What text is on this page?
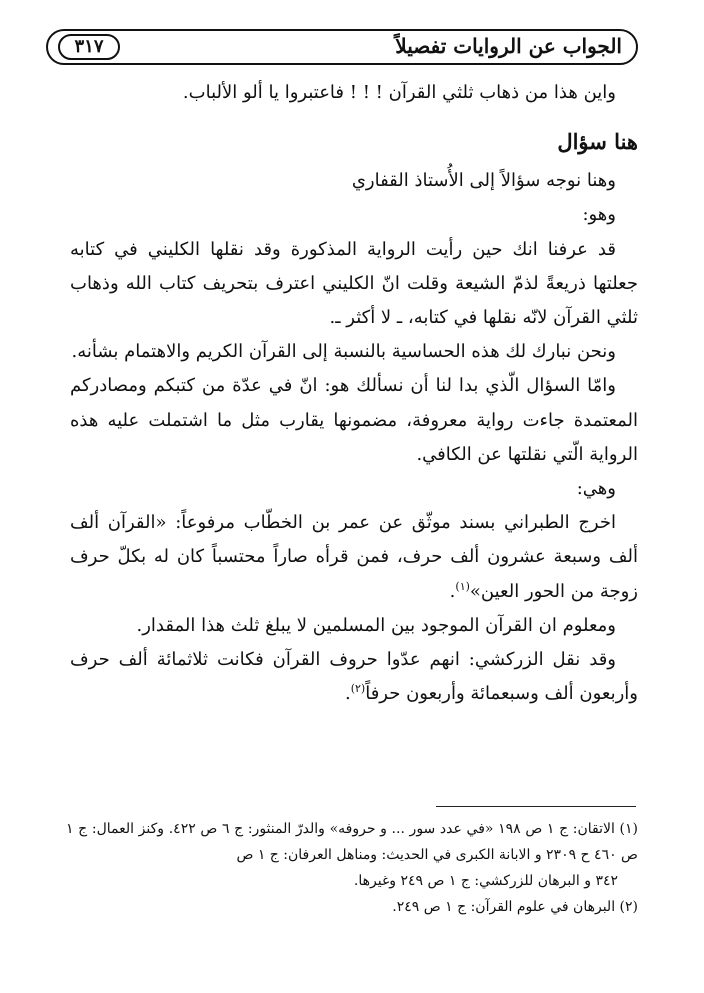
الجواب عن الروايات تفصيلاً
٣١٧

واين هذا من ذهاب ثلثي القرآن ! ! ! فاعتبروا يا ألو الألباب.

هنا سؤال

وهنا نوجه سؤالاً إلى الأُستاذ القفاري

وهو:

قد عرفنا انك حين رأيت الرواية المذكورة وقد نقلها الكليني في كتابه جعلتها ذريعةً لذمّ الشيعة وقلت انّ الكليني اعترف بتحريف كتاب الله وذهاب ثلثي القرآن لانّه نقلها في كتابه، ـ لا أكثر ـ.

ونحن نبارك لك هذه الحساسية بالنسبة إلى القرآن الكريم والاهتمام بشأنه.

وامّا السؤال الّذي بدا لنا أن نسألك هو: انّ في عدّة من كتبكم ومصادركم المعتمدة جاءت رواية معروفة، مضمونها يقارب مثل ما اشتملت عليه هذه الرواية الّتي نقلتها عن الكافي.

وهي:

اخرج الطبراني بسند موثّق عن عمر بن الخطّاب مرفوعاً: «القرآن ألف ألف وسبعة عشرون ألف حرف، فمن قرأه صاراً محتسباً كان له بكلّ حرف زوجة من الحور العين»$^{(١)}$.

ومعلوم ان القرآن الموجود بين المسلمين لا يبلغ ثلث هذا المقدار.

وقد نقل الزركشي: انهم عدّوا حروف القرآن فكانت ثلاثمائة ألف حرف وأربعون ألف وسبعمائة وأربعون حرفاً$^{(٢)}$.

(١) الاتقان: ج ١ ص ١٩٨ «في عدد سور ... و حروفه» والدرّ المنثور: ج ٦ ص ٤٢٢. وكنز العمال: ج ١ ص ٤٦٠ ح ٢٣٠٩ و الابانة الكبرى في الحديث: ومناهل العرفان: ج ١ ص

٣٤٢ و البرهان للزركشي: ج ١ ص ٢٤٩ وغيرها.

(٢) البرهان في علوم القرآن: ج ١ ص ٢٤٩.
